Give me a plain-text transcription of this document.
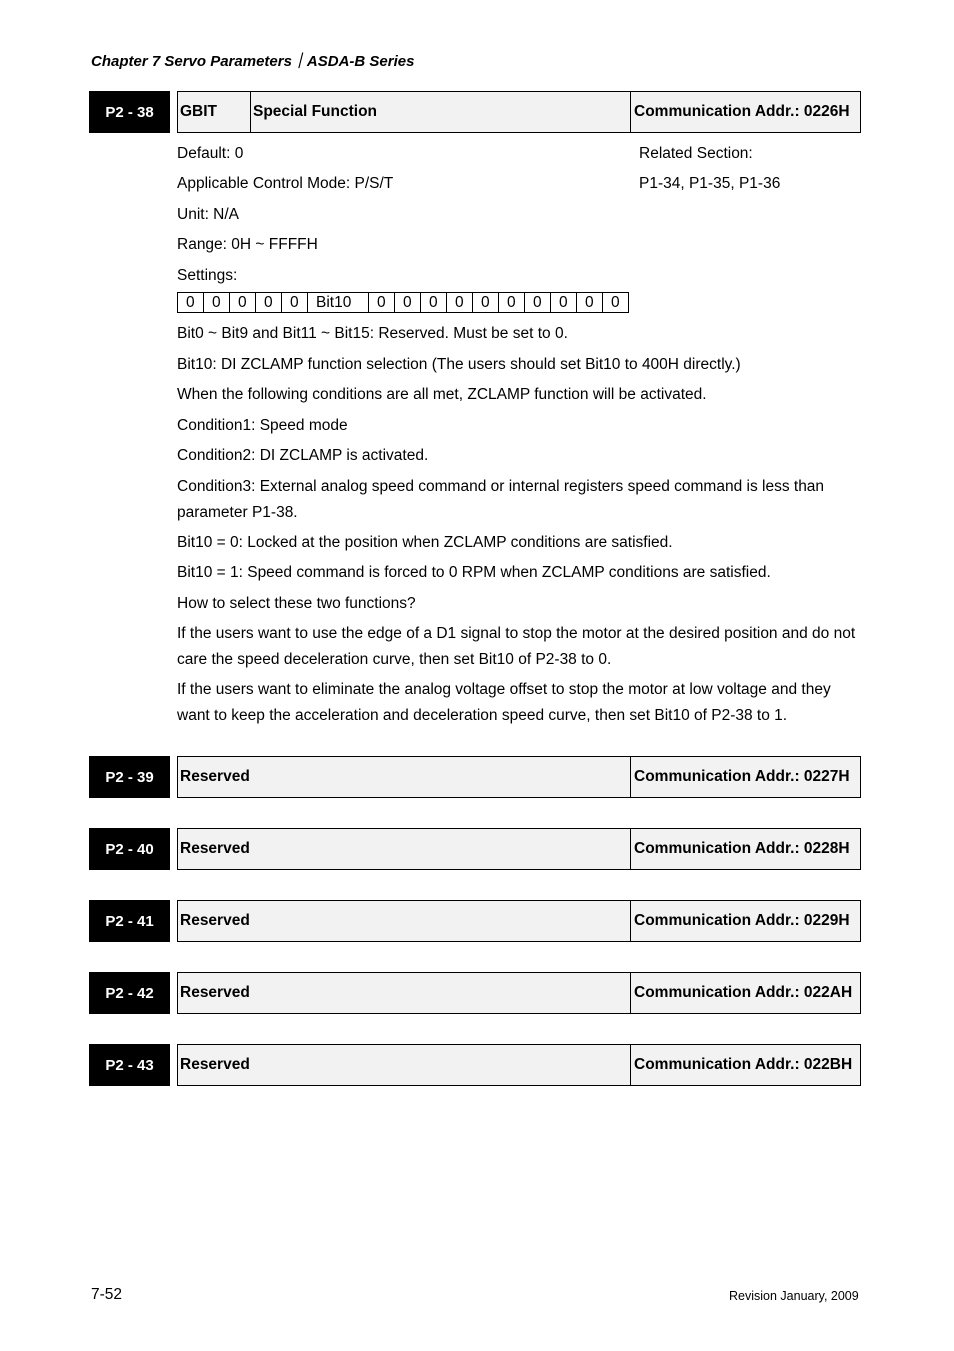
Chapter 7 Servo Parameters｜ASDA-B Series
P2 - 38	GBIT	Special Function	Communication Addr.: 0226H
Default: 0	Related Section:
Applicable Control Mode: P/S/T	P1-34, P1-35, P1-36
Unit: N/A
Range: 0H ~ FFFFH
Settings:
0	0	0	0	0	Bit10	0	0	0	0	0	0	0	0	0	0
Bit0 ~ Bit9 and Bit11 ~ Bit15: Reserved. Must be set to 0.
Bit10: DI ZCLAMP function selection (The users should set Bit10 to 400H directly.)
When the following conditions are all met, ZCLAMP function will be activated.
Condition1: Speed mode
Condition2: DI ZCLAMP is activated.
Condition3: External analog speed command or internal registers speed command is less than parameter P1-38.
Bit10 = 0: Locked at the position when ZCLAMP conditions are satisfied.
Bit10 = 1: Speed command is forced to 0 RPM when ZCLAMP conditions are satisfied.
How to select these two functions?
If the users want to use the edge of a D1 signal to stop the motor at the desired position and do not care the speed deceleration curve, then set Bit10 of P2-38 to 0.
If the users want to eliminate the analog voltage offset to stop the motor at low voltage and they want to keep the acceleration and deceleration speed curve, then set Bit10 of P2-38 to 1.
P2 - 39	Reserved	Communication Addr.: 0227H
P2 - 40	Reserved	Communication Addr.: 0228H
P2 - 41	Reserved	Communication Addr.: 0229H
P2 - 42	Reserved	Communication Addr.: 022AH
P2 - 43	Reserved	Communication Addr.: 022BH
7-52	Revision January, 2009
